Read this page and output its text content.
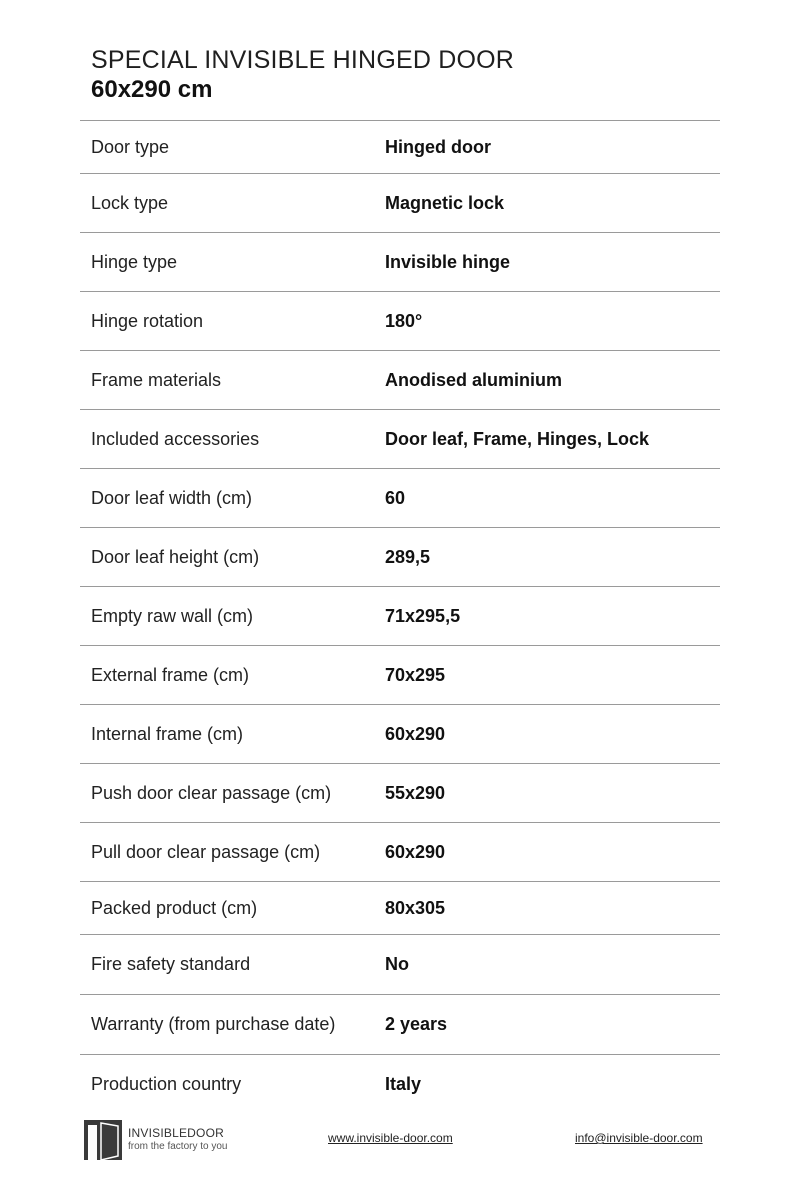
SPECIAL INVISIBLE HINGED DOOR
60x290 cm
Door type	Hinged door
Lock type	Magnetic lock
Hinge type	Invisible hinge
Hinge rotation	180°
Frame materials	Anodised aluminium
Included accessories	Door leaf, Frame, Hinges, Lock
Door leaf width (cm)	60
Door leaf height (cm)	289,5
Empty raw wall (cm)	71x295,5
External frame (cm)	70x295
Internal frame (cm)	60x290
Push door clear passage (cm)	55x290
Pull door clear passage (cm)	60x290
Packed product (cm)	80x305
Fire safety standard	No
Warranty (from purchase date)	2 years
Production country	Italy
INVISIBLEDOOR
from the factory to you
www.invisible-door.com	info@invisible-door.com
